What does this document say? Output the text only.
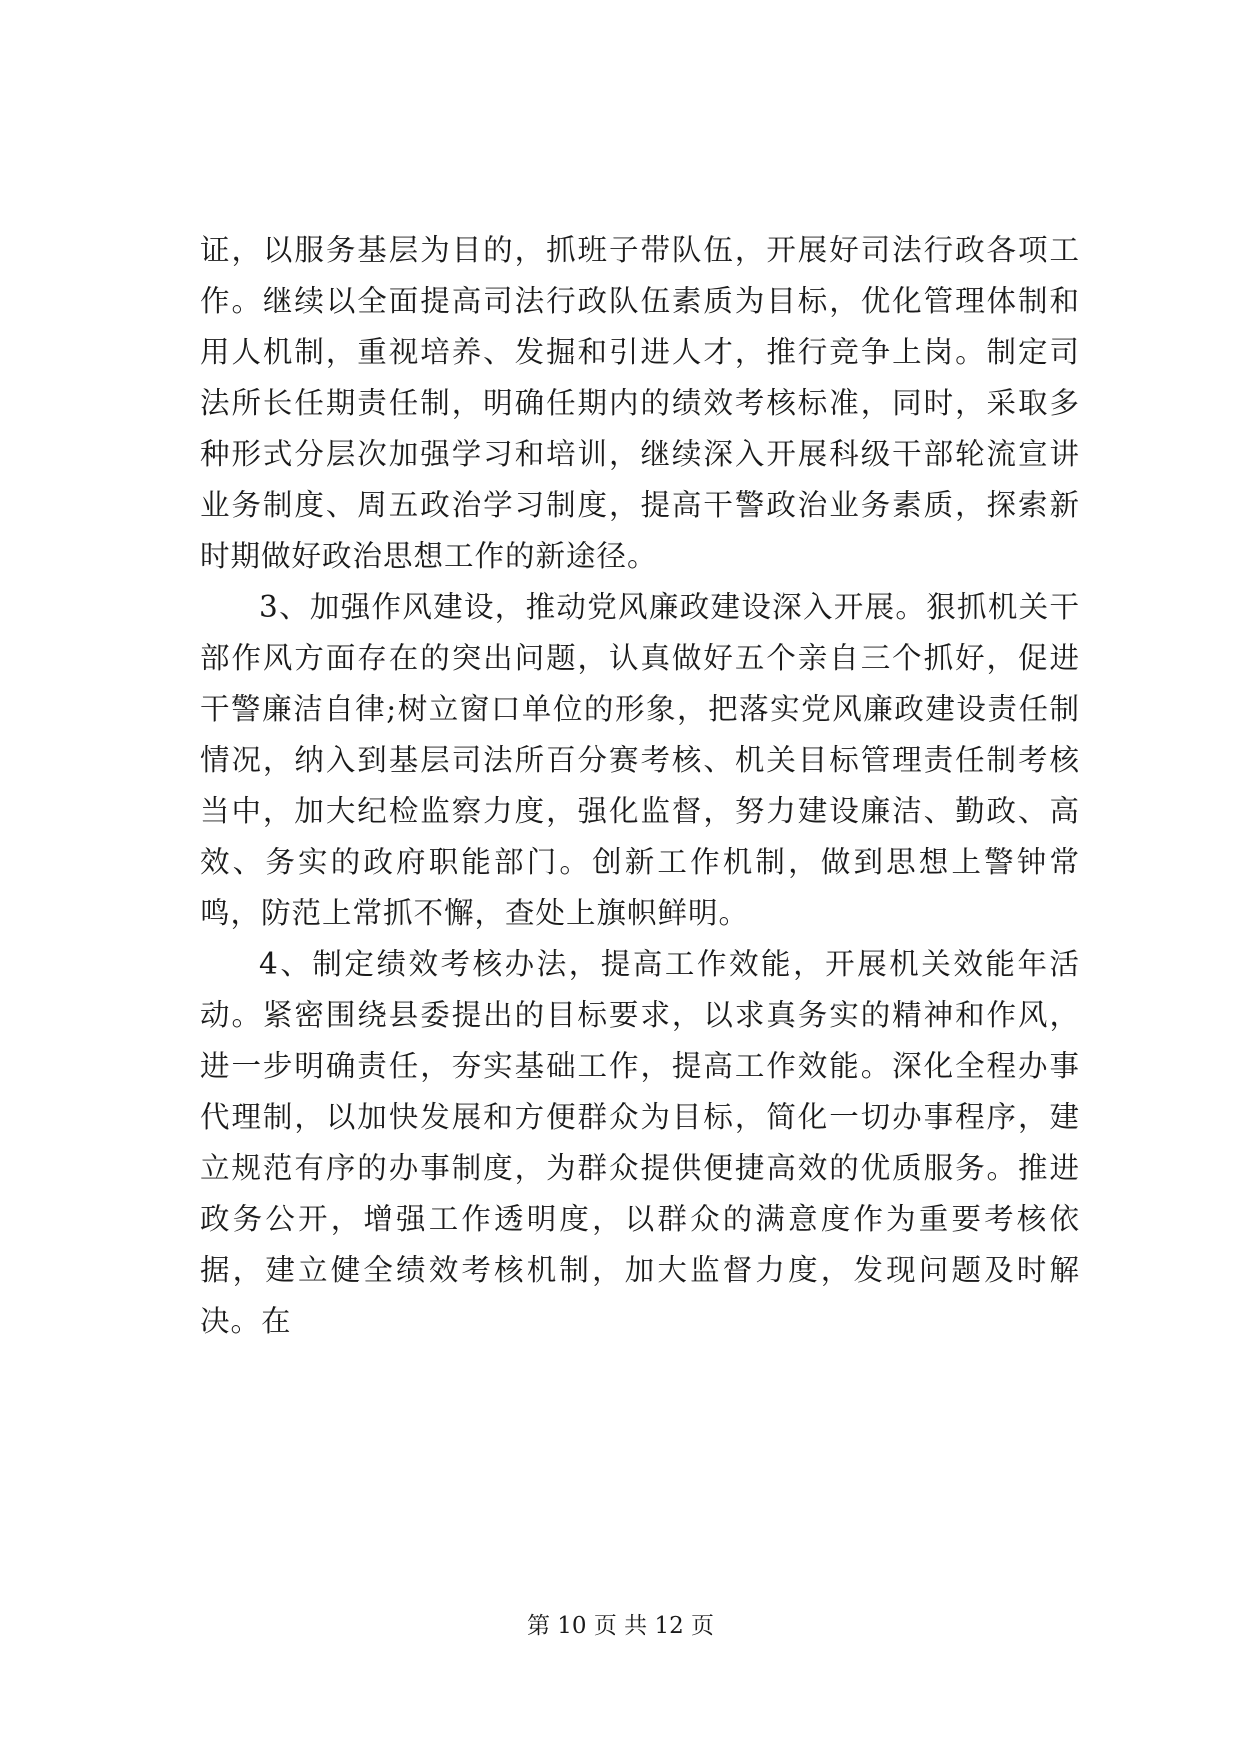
证，以服务基层为目的，抓班子带队伍，开展好司法行政各项工作。继续以全面提高司法行政队伍素质为目标，优化管理体制和用人机制，重视培养、发掘和引进人才，推行竞争上岗。制定司法所长任期责任制，明确任期内的绩效考核标准，同时，采取多种形式分层次加强学习和培训，继续深入开展科级干部轮流宣讲业务制度、周五政治学习制度，提高干警政治业务素质，探索新时期做好政治思想工作的新途径。

3、加强作风建设，推动党风廉政建设深入开展。狠抓机关干部作风方面存在的突出问题，认真做好五个亲自三个抓好，促进干警廉洁自律;树立窗口单位的形象，把落实党风廉政建设责任制情况，纳入到基层司法所百分赛考核、机关目标管理责任制考核当中，加大纪检监察力度，强化监督，努力建设廉洁、勤政、高效、务实的政府职能部门。创新工作机制，做到思想上警钟常鸣，防范上常抓不懈，查处上旗帜鲜明。

4、制定绩效考核办法，提高工作效能，开展机关效能年活动。紧密围绕县委提出的目标要求，以求真务实的精神和作风，进一步明确责任，夯实基础工作，提高工作效能。深化全程办事代理制，以加快发展和方便群众为目标，简化一切办事程序，建立规范有序的办事制度，为群众提供便捷高效的优质服务。推进政务公开，增强工作透明度，以群众的满意度作为重要考核依据，建立健全绩效考核机制，加大监督力度，发现问题及时解决。在

第 10 页 共 12 页
